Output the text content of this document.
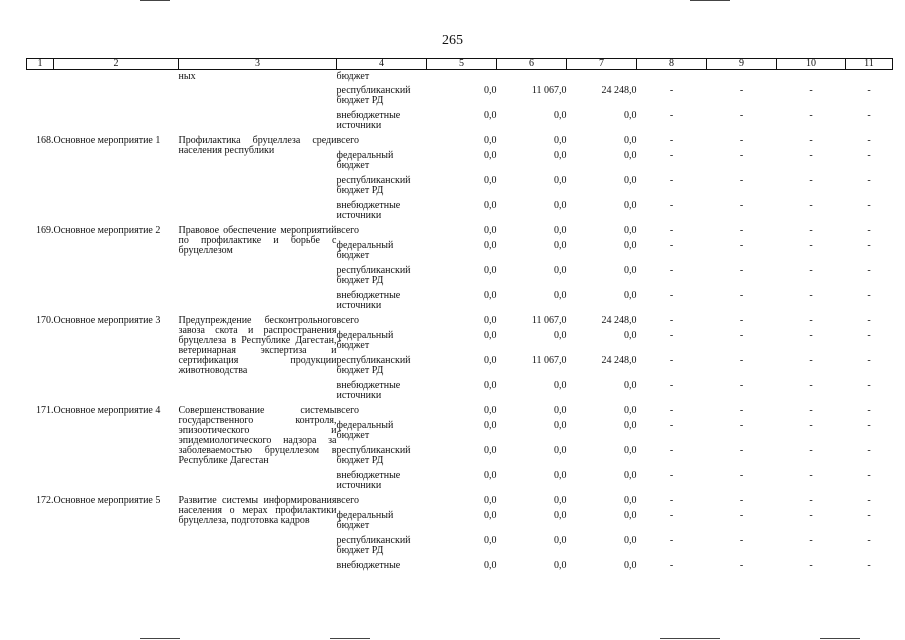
265
1	2	3	4	5	6	7	8	9	10	11
		ных	бюджет							
			республиканский бюджет РД	0,0	11 067,0	24 248,0	-	-	-	-
			внебюджетные источники	0,0	0,0	0,0	-	-	-	-
168.	Основное мероприятие 1	Профилактика бруцеллеза среди населения республики	всего	0,0	0,0	0,0	-	-	-	-
			федеральный бюджет	0,0	0,0	0,0	-	-	-	-
			республиканский бюджет РД	0,0	0,0	0,0	-	-	-	-
			внебюджетные источники	0,0	0,0	0,0	-	-	-	-
169.	Основное мероприятие 2	Правовое обеспечение мероприятий по профилактике и борьбе с бруцеллезом	всего	0,0	0,0	0,0	-	-	-	-
			федеральный бюджет	0,0	0,0	0,0	-	-	-	-
			республиканский бюджет РД	0,0	0,0	0,0	-	-	-	-
			внебюджетные источники	0,0	0,0	0,0	-	-	-	-
170.	Основное мероприятие 3	Предупреждение бесконтрольного завоза скота и распространения бруцеллеза в Республике Дагестан, ветеринарная экспертиза и сертификация продукции животноводства	всего	0,0	11 067,0	24 248,0	-	-	-	-
			федеральный бюджет	0,0	0,0	0,0	-	-	-	-
			республиканский бюджет РД	0,0	11 067,0	24 248,0	-	-	-	-
			внебюджетные источники	0,0	0,0	0,0	-	-	-	-
171.	Основное мероприятие 4	Совершенствование системы государственного контроля, эпизоотического и эпидемиологического надзора за заболеваемостью бруцеллезом в Республике Дагестан	всего	0,0	0,0	0,0	-	-	-	-
			федеральный бюджет	0,0	0,0	0,0	-	-	-	-
			республиканский бюджет РД	0,0	0,0	0,0	-	-	-	-
			внебюджетные источники	0,0	0,0	0,0	-	-	-	-
172.	Основное мероприятие 5	Развитие системы информирования населения о мерах профилактики бруцеллеза, подготовка кадров	всего	0,0	0,0	0,0	-	-	-	-
			федеральный бюджет	0,0	0,0	0,0	-	-	-	-
			республиканский бюджет РД	0,0	0,0	0,0	-	-	-	-
			внебюджетные	0,0	0,0	0,0	-	-	-	-
